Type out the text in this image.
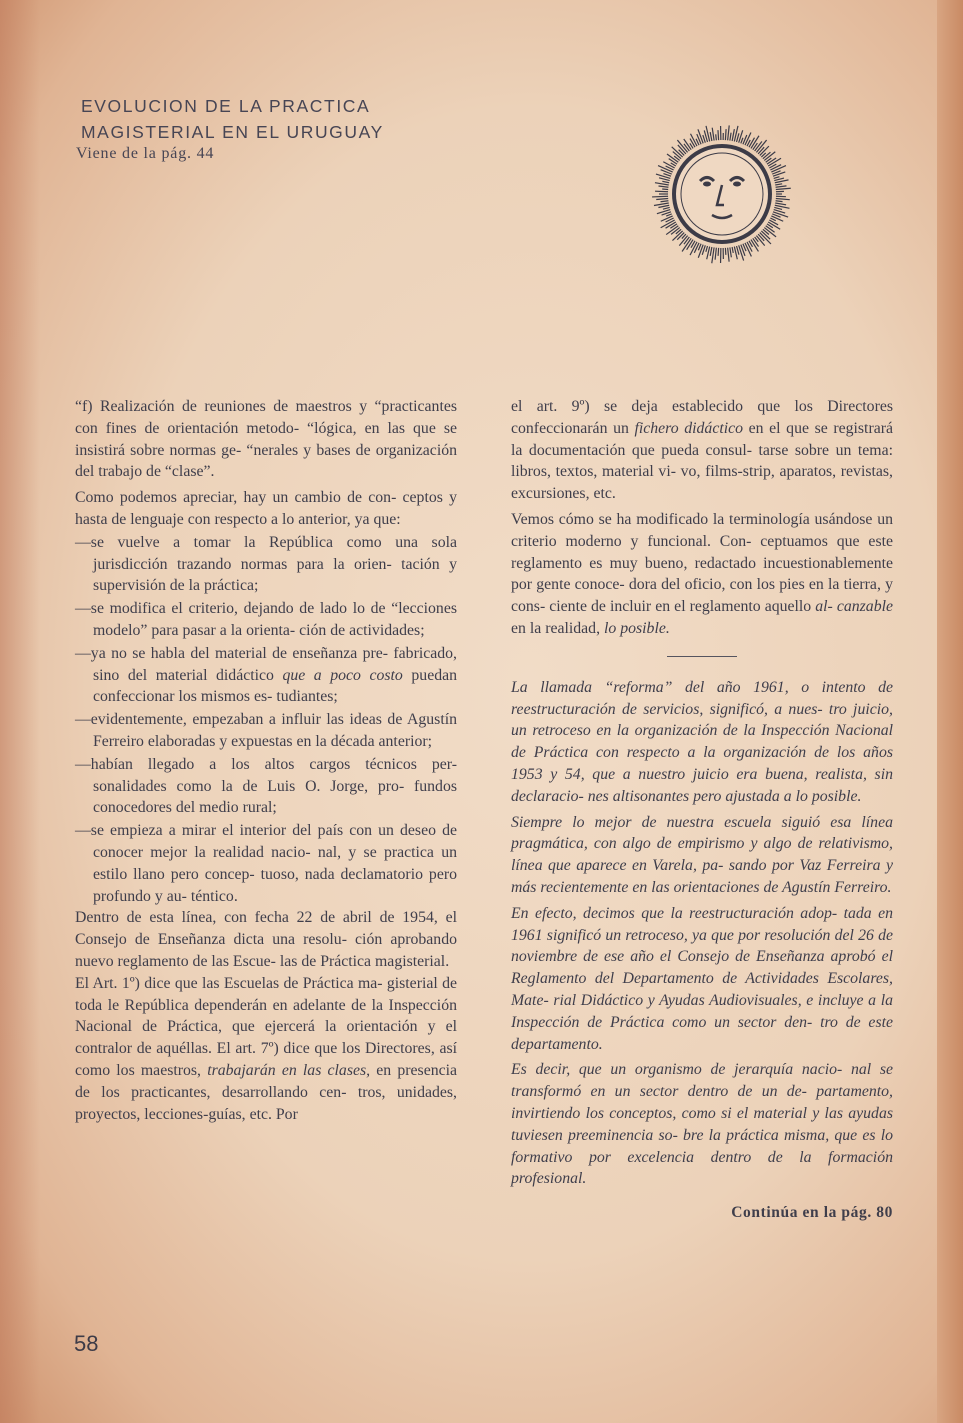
EVOLUCION DE LA PRACTICA
MAGISTERIAL EN EL URUGUAY
Viene de la pág. 44

“f) Realización de reuniones de maestros y “practicantes con fines de orientación metodo- “lógica, en las que se insistirá sobre normas ge- “nerales y bases de organización del trabajo de “clase”.

Como podemos apreciar, hay un cambio de con- ceptos y hasta de lenguaje con respecto a lo anterior, ya que:

—se vuelve a tomar la República como una sola jurisdicción trazando normas para la orien- tación y supervisión de la práctica;

—se modifica el criterio, dejando de lado lo de “lecciones modelo” para pasar a la orienta- ción de actividades;

—ya no se habla del material de enseñanza pre- fabricado, sino del material didáctico que a poco costo puedan confeccionar los mismos es- tudiantes;

—evidentemente, empezaban a influir las ideas de Agustín Ferreiro elaboradas y expuestas en la década anterior;

—habían llegado a los altos cargos técnicos per- sonalidades como la de Luis O. Jorge, pro- fundos conocedores del medio rural;

—se empieza a mirar el interior del país con un deseo de conocer mejor la realidad nacio- nal, y se practica un estilo llano pero concep- tuoso, nada declamatorio pero profundo y au- téntico.

Dentro de esta línea, con fecha 22 de abril de 1954, el Consejo de Enseñanza dicta una resolu- ción aprobando nuevo reglamento de las Escue- las de Práctica magisterial.

El Art. 1º) dice que las Escuelas de Práctica ma- gisterial de toda le República dependerán en adelante de la Inspección Nacional de Práctica, que ejercerá la orientación y el contralor de aquéllas. El art. 7º) dice que los Directores, así como los maestros, trabajarán en las clases, en presencia de los practicantes, desarrollando cen- tros, unidades, proyectos, lecciones-guías, etc. Por

el art. 9º) se deja establecido que los Directores confeccionarán un fichero didáctico en el que se registrará la documentación que pueda consul- tarse sobre un tema: libros, textos, material vi- vo, films-strip, aparatos, revistas, excursiones, etc.

Vemos cómo se ha modificado la terminología usándose un criterio moderno y funcional. Con- ceptuamos que este reglamento es muy bueno, redactado incuestionablemente por gente conoce- dora del oficio, con los pies en la tierra, y cons- ciente de incluir en el reglamento aquello al- canzable en la realidad, lo posible.

La llamada “reforma” del año 1961, o intento de reestructuración de servicios, significó, a nues- tro juicio, un retroceso en la organización de la Inspección Nacional de Práctica con respecto a la organización de los años 1953 y 54, que a nuestro juicio era buena, realista, sin declaracio- nes altisonantes pero ajustada a lo posible.

Siempre lo mejor de nuestra escuela siguió esa línea pragmática, con algo de empirismo y algo de relativismo, línea que aparece en Varela, pa- sando por Vaz Ferreira y más recientemente en las orientaciones de Agustín Ferreiro.

En efecto, decimos que la reestructuración adop- tada en 1961 significó un retroceso, ya que por resolución del 26 de noviembre de ese año el Consejo de Enseñanza aprobó el Reglamento del Departamento de Actividades Escolares, Mate- rial Didáctico y Ayudas Audiovisuales, e incluye a la Inspección de Práctica como un sector den- tro de este departamento.

Es decir, que un organismo de jerarquía nacio- nal se transformó en un sector dentro de un de- partamento, invirtiendo los conceptos, como si el material y las ayudas tuviesen preeminencia so- bre la práctica misma, que es lo formativo por excelencia dentro de la formación profesional.

Continúa en la pág. 80

58
